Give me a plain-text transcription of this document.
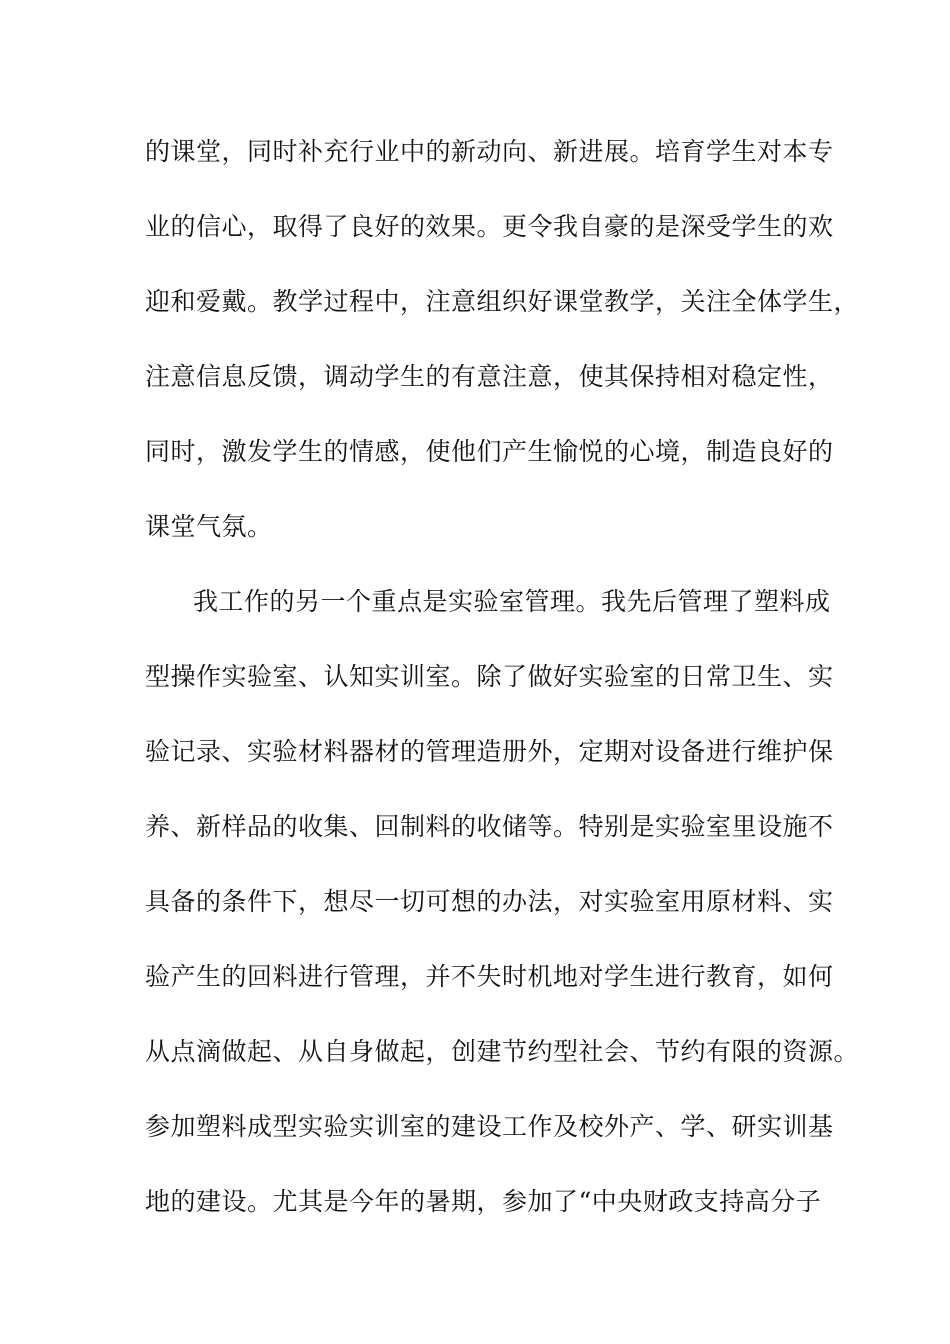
的课堂，同时补充行业中的新动向、新进展。培育学生对本专
业的信心，取得了良好的效果。更令我自豪的是深受学生的欢
迎和爱戴。教学过程中，注意组织好课堂教学，关注全体学生，
注意信息反馈，调动学生的有意注意，使其保持相对稳定性，
同时，激发学生的情感，使他们产生愉悦的心境，制造良好的
课堂气氛。
我工作的另一个重点是实验室管理。我先后管理了塑料成
型操作实验室、认知实训室。除了做好实验室的日常卫生、实
验记录、实验材料器材的管理造册外，定期对设备进行维护保
养、新样品的收集、回制料的收储等。特别是实验室里设施不
具备的条件下，想尽一切可想的办法，对实验室用原材料、实
验产生的回料进行管理，并不失时机地对学生进行教育，如何
从点滴做起、从自身做起，创建节约型社会、节约有限的资源。
参加塑料成型实验实训室的建设工作及校外产、学、研实训基
地的建设。尤其是今年的暑期，参加了“中央财政支持高分子
